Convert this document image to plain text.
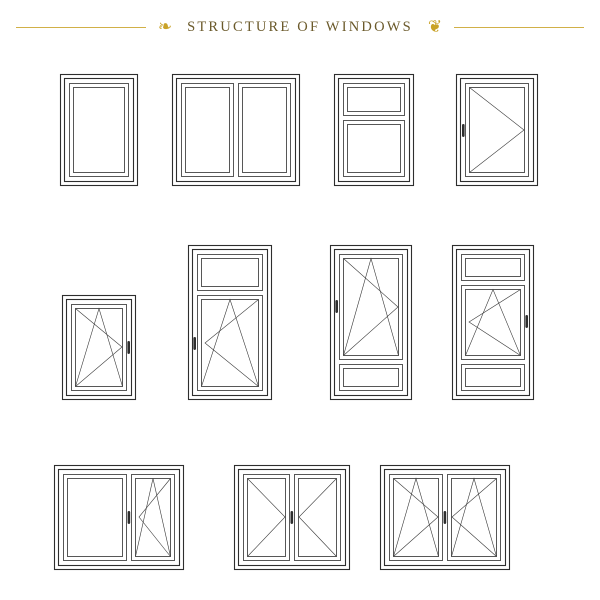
❧	❦
STRUCTURE OF WINDOWS
